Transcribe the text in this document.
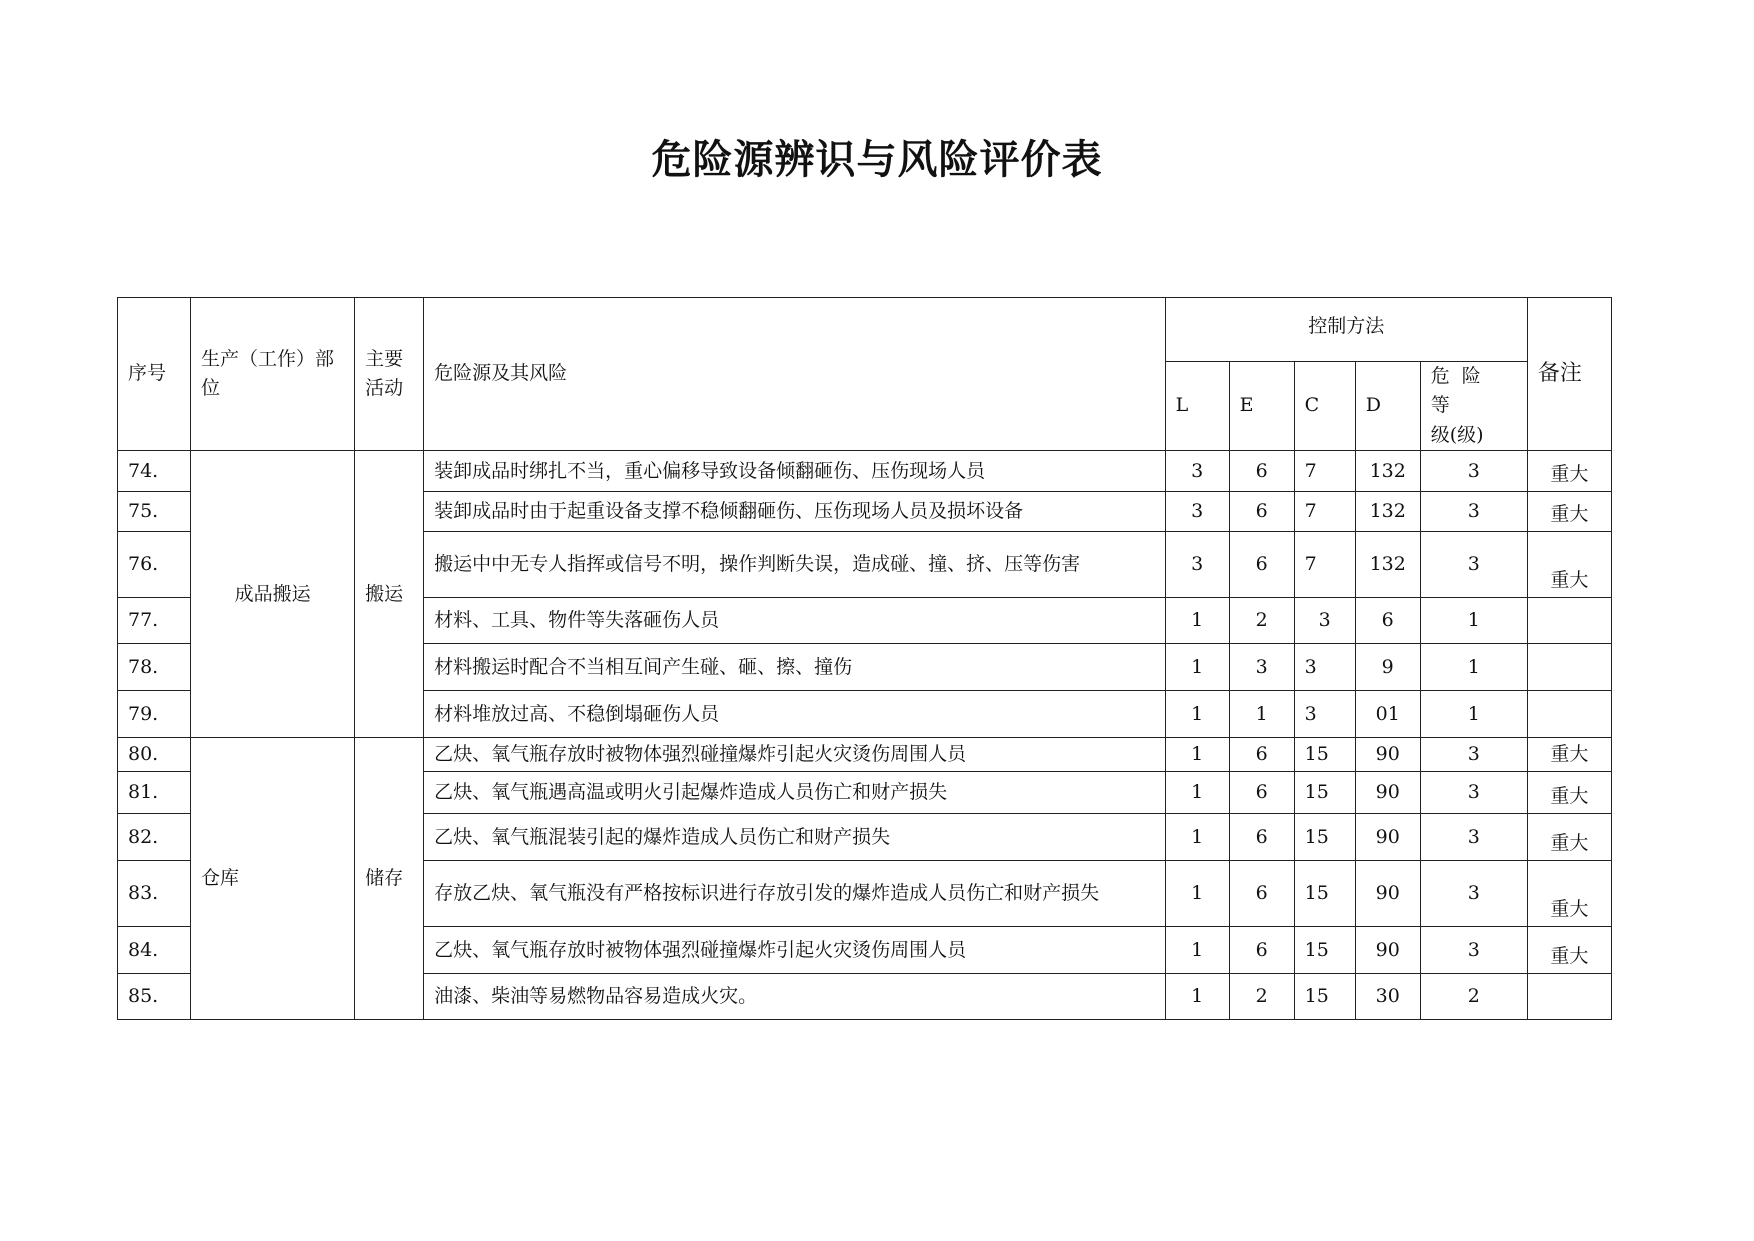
危险源辨识与风险评价表
序号	生产（工作）部位	主要活动	危险源及其风险	控制方法					备注
				L	E	C	D	危险等
级(级)	
74.	成品搬运	搬运	装卸成品时绑扎不当，重心偏移导致设备倾翻砸伤、压伤现场人员	3	6	7	132	3	重大
75.			装卸成品时由于起重设备支撑不稳倾翻砸伤、压伤现场人员及损坏设备	3	6	7	132	3	重大
76.			搬运中中无专人指挥或信号不明，操作判断失误，造成碰、撞、挤、压等伤害	3	6	7	132	3	重大
77.			材料、工具、物件等失落砸伤人员	1	2	3	6	1	
78.			材料搬运时配合不当相互间产生碰、砸、擦、撞伤	1	3	3	9	1	
79.			材料堆放过高、不稳倒塌砸伤人员	1	1	3	01	1	
80.	仓库	储存	乙炔、氧气瓶存放时被物体强烈碰撞爆炸引起火灾烫伤周围人员	1	6	15	90	3	重大
81.			乙炔、氧气瓶遇高温或明火引起爆炸造成人员伤亡和财产损失	1	6	15	90	3	重大
82.			乙炔、氧气瓶混装引起的爆炸造成人员伤亡和财产损失	1	6	15	90	3	重大
83.			存放乙炔、氧气瓶没有严格按标识进行存放引发的爆炸造成人员伤亡和财产损失	1	6	15	90	3	重大
84.			乙炔、氧气瓶存放时被物体强烈碰撞爆炸引起火灾烫伤周围人员	1	6	15	90	3	重大
85.			油漆、柴油等易燃物品容易造成火灾。	1	2	15	30	2	
